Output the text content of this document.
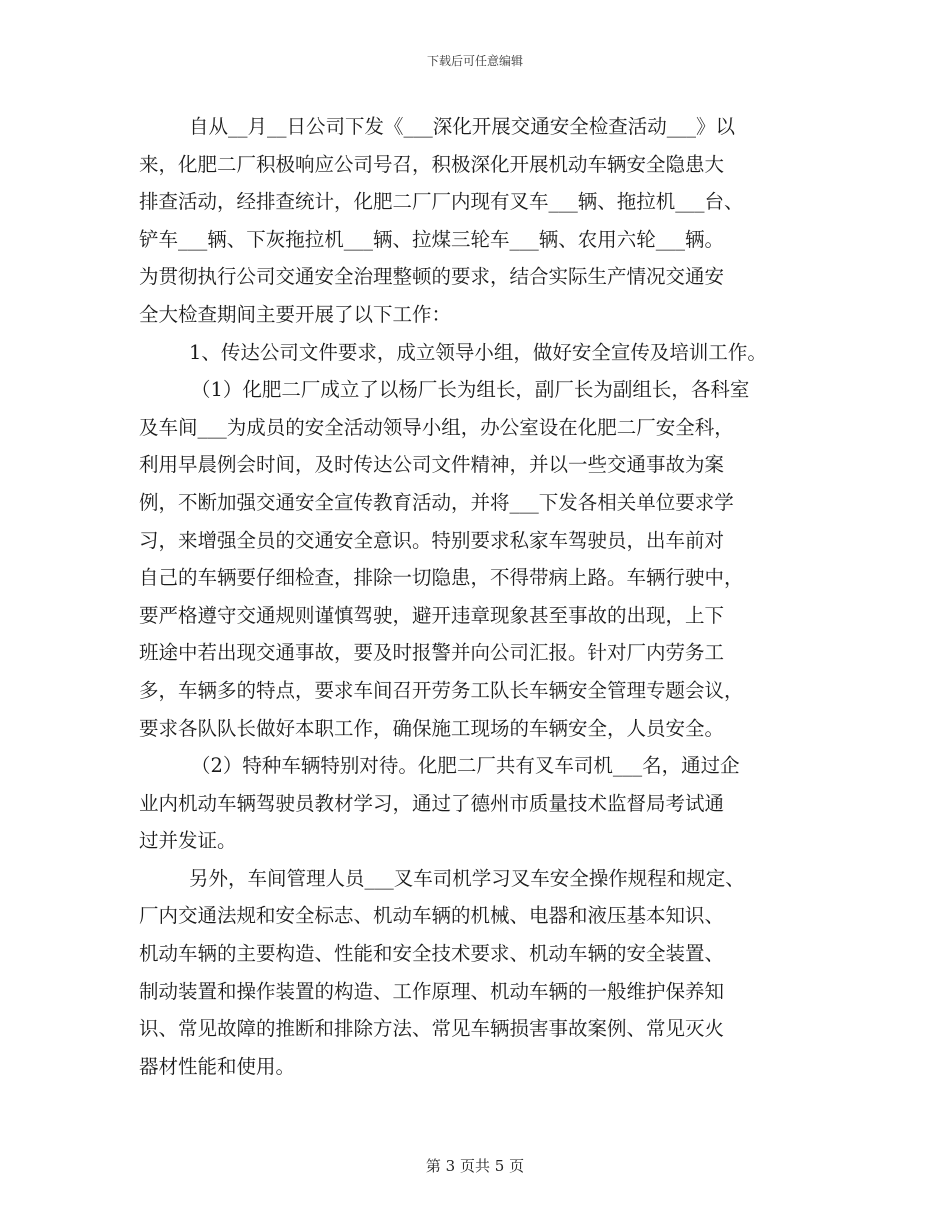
下载后可任意编辑
自从__月__日公司下发《___深化开展交通安全检查活动___》以
来，化肥二厂积极响应公司号召，积极深化开展机动车辆安全隐患大
排查活动，经排查统计，化肥二厂厂内现有叉车___辆、拖拉机___台、
铲车___辆、下灰拖拉机___辆、拉煤三轮车___辆、农用六轮___辆。
为贯彻执行公司交通安全治理整顿的要求，结合实际生产情况交通安
全大检查期间主要开展了以下工作：
1、传达公司文件要求，成立领导小组，做好安全宣传及培训工作。
（1）化肥二厂成立了以杨厂长为组长，副厂长为副组长，各科室
及车间___为成员的安全活动领导小组，办公室设在化肥二厂安全科，
利用早晨例会时间，及时传达公司文件精神，并以一些交通事故为案
例，不断加强交通安全宣传教育活动，并将___下发各相关单位要求学
习，来增强全员的交通安全意识。特别要求私家车驾驶员，出车前对
自己的车辆要仔细检查，排除一切隐患，不得带病上路。车辆行驶中，
要严格遵守交通规则谨慎驾驶，避开违章现象甚至事故的出现，上下
班途中若出现交通事故，要及时报警并向公司汇报。针对厂内劳务工
多，车辆多的特点，要求车间召开劳务工队长车辆安全管理专题会议，
要求各队队长做好本职工作，确保施工现场的车辆安全，人员安全。
（2）特种车辆特别对待。化肥二厂共有叉车司机___名，通过企
业内机动车辆驾驶员教材学习，通过了德州市质量技术监督局考试通
过并发证。
另外，车间管理人员___叉车司机学习叉车安全操作规程和规定、
厂内交通法规和安全标志、机动车辆的机械、电器和液压基本知识、
机动车辆的主要构造、性能和安全技术要求、机动车辆的安全装置、
制动装置和操作装置的构造、工作原理、机动车辆的一般维护保养知
识、常见故障的推断和排除方法、常见车辆损害事故案例、常见灭火
器材性能和使用。
第 3 页共 5 页
